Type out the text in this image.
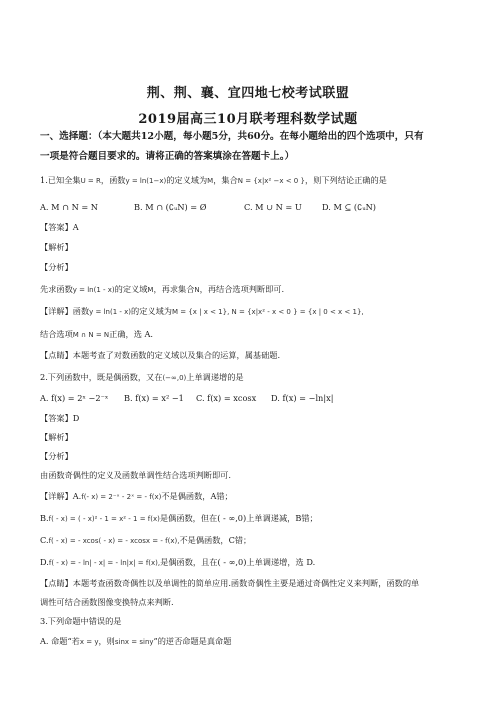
荆、荆、襄、宜四地七校考试联盟
2019届高三10月联考理科数学试题
一、选择题：（本大题共12小题，每小题5分，共60分。在每小题给出的四个选项中，只有
一项是符合题目要求的。请将正确的答案填涂在答题卡上。）
1.已知全集U = R，函数y = ln(1−x)的定义域为M，集合N = {x|x² −x < 0 }，则下列结论正确的是
A. M ∩ N = N	B. M ∩ (∁ᵤN) = Ø	C. M ∪ N = U D. M ⊆ (∁ᵤN)
【答案】A
【解析】
【分析】
先求函数y = ln(1 - x)的定义域M，再求集合N，再结合选项判断即可.
【详解】函数y = ln(1 - x)的定义域为M = {x | x < 1}, N = {x|x² - x < 0 } = {x | 0 < x < 1},
结合选项M ∩ N = N正确，选 A.
【点睛】本题考查了对数函数的定义域以及集合的运算，属基础题.
2.下列函数中，既是偶函数，又在(−∞,0)上单调递增的是
A. f(x) = 2ˣ −2⁻ˣ B. f(x) = x² −1 C. f(x) = xcosx D. f(x) = −ln|x|
【答案】D
【解析】
【分析】
由函数奇偶性的定义及函数单调性结合选项判断即可.
【详解】A.f(- x) = 2⁻ˣ - 2ˣ = - f(x)不是偶函数，A错；
B.f( - x) = ( - x)² - 1 = x² - 1 = f(x)是偶函数，但在( - ∞,0)上单调递减，B错；
C.f( - x) = - xcos( - x) = - xcosx = - f(x),不是偶函数，C错；
D.f( - x) = - ln| - x| = - ln|x| = f(x),是偶函数，且在( - ∞,0)上单调递增，选 D.
【点睛】本题考查函数奇偶性以及单调性的简单应用.函数奇偶性主要是通过奇偶性定义来判断，函数的单
调性可结合函数图像变换特点来判断.
3.下列命题中错误的是
A. 命题“若x = y，则sinx = siny”的逆否命题是真命题
